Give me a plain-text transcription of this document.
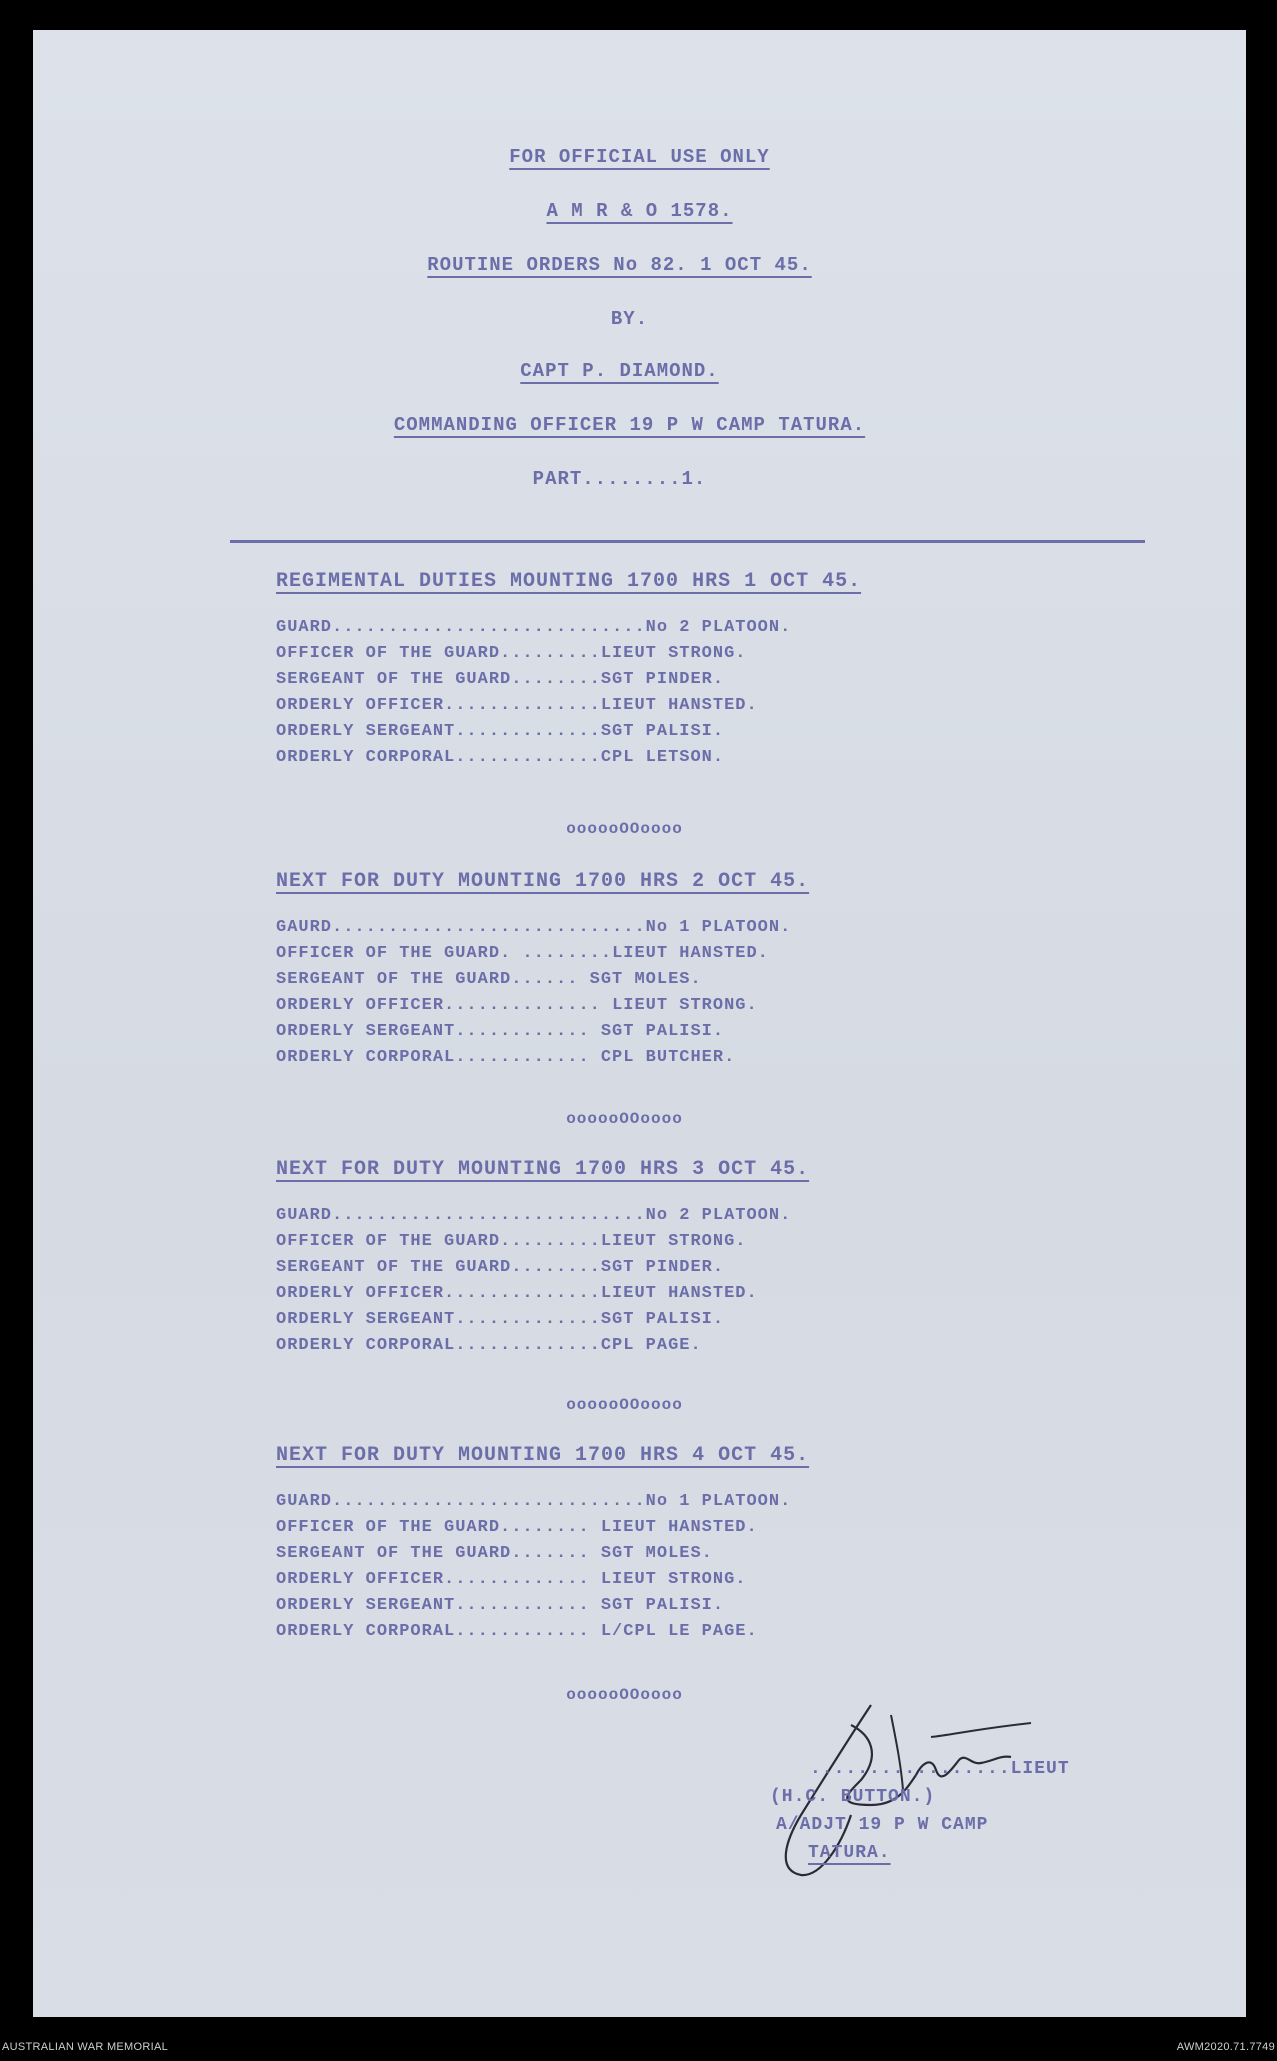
FOR OFFICIAL USE ONLY
A M R & O 1578.
ROUTINE ORDERS No 82. 1 OCT 45.
BY.
CAPT P. DIAMOND.
COMMANDING OFFICER 19 P W CAMP TATURA.
PART........1.
REGIMENTAL DUTIES MOUNTING 1700 HRS 1 OCT 45.
GUARD............................ No 2 PLATOON.
OFFICER OF THE GUARD......... LIEUT STRONG.
SERGEANT OF THE GUARD........ SGT PINDER.
ORDERLY OFFICER.............. LIEUT HANSTED.
ORDERLY SERGEANT............. SGT PALISI.
ORDERLY CORPORAL............. CPL LETSON.
oooooOOoooo
NEXT FOR DUTY MOUNTING 1700 HRS 2 OCT 45.
GAURD............................ No 1 PLATOON.
OFFICER OF THE GUARD. ........ LIEUT HANSTED.
SERGEANT OF THE GUARD...... SGT MOLES.
ORDERLY OFFICER.............. LIEUT STRONG.
ORDERLY SERGEANT............ SGT PALISI.
ORDERLY CORPORAL............ CPL BUTCHER.
oooooOOoooo
NEXT FOR DUTY MOUNTING 1700 HRS 3 OCT 45.
GUARD............................ No 2 PLATOON.
OFFICER OF THE GUARD......... LIEUT STRONG.
SERGEANT OF THE GUARD........ SGT PINDER.
ORDERLY OFFICER.............. LIEUT HANSTED.
ORDERLY SERGEANT............. SGT PALISI.
ORDERLY CORPORAL............. CPL PAGE.
oooooOOoooo
NEXT FOR DUTY MOUNTING 1700 HRS 4 OCT 45.
GUARD............................ No 1 PLATOON.
OFFICER OF THE GUARD........ LIEUT HANSTED.
SERGEANT OF THE GUARD....... SGT MOLES.
ORDERLY OFFICER............. LIEUT STRONG.
ORDERLY SERGEANT............ SGT PALISI.
ORDERLY CORPORAL............ L/CPL LE PAGE.
oooooOOoooo
.................LIEUT
(H.C. BUTTON.)
A/ADJT 19 P W CAMP
TATURA.
AUSTRALIAN WAR MEMORIAL	AWM2020.71.7749
